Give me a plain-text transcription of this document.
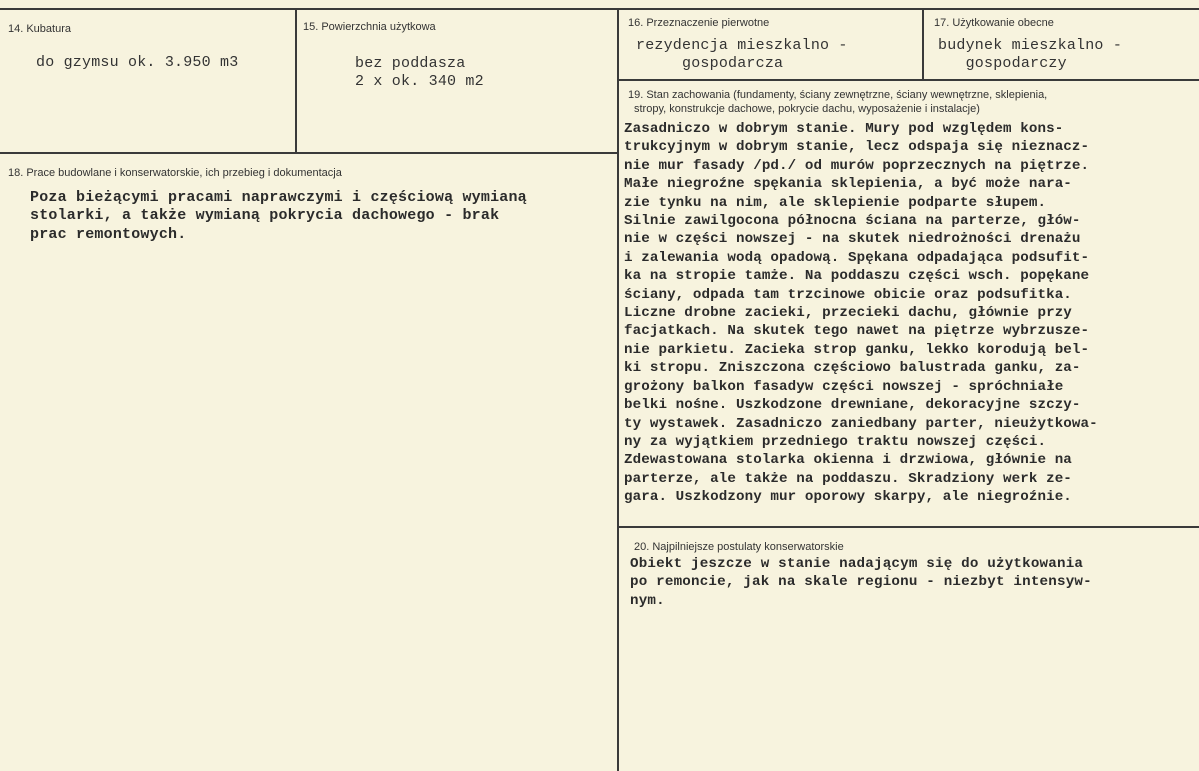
14. Kubatura
do gzymsu ok. 3.950 m3
15. Powierzchnia użytkowa
bez poddasza
2 x ok. 340 m2
16. Przeznaczenie pierwotne
rezydencja mieszkalno -
gospodarcza
17. Użytkowanie obecne
budynek mieszkalno -
gospodarczy
18. Prace budowlane i konserwatorskie, ich przebieg i dokumentacja
Poza bieżącymi pracami naprawczymi i częściową wymianą
stolarki, a także wymianą pokrycia dachowego - brak
prac remontowych.
19. Stan zachowania (fundamenty, ściany zewnętrzne, ściany wewnętrzne, sklepienia,
stropy, konstrukcje dachowe, pokrycie dachu, wyposażenie i instalacje)
Zasadniczo w dobrym stanie. Mury pod względem kons-
trukcyjnym w dobrym stanie, lecz odspaja się nieznacz-
nie mur fasady /pd./ od murów poprzecznych na piętrze.
Małe niegroźne spękania sklepienia, a być może nara-
zie tynku na nim, ale sklepienie podparte słupem.
Silnie zawilgocona północna ściana na parterze, głów-
nie w części nowszej - na skutek niedrożności drenażu
i zalewania wodą opadową. Spękana odpadająca podsufit-
ka na stropie tamże. Na poddaszu części wsch. popękane
ściany, odpada tam trzcinowe obicie oraz podsufitka.
Liczne drobne zacieki, przecieki dachu, głównie przy
facjatkach. Na skutek tego nawet na piętrze wybrzusze-
nie parkietu. Zacieka strop ganku, lekko korodują bel-
ki stropu. Zniszczona częściowo balustrada ganku, za-
grożony balkon fasadyw części nowszej - spróchniałe
belki nośne. Uszkodzone drewniane, dekoracyjne szczy-
ty wystawek. Zasadniczo zaniedbany parter, nieużytkowa-
ny za wyjątkiem przedniego traktu nowszej części.
Zdewastowana stolarka okienna i drzwiowa, głównie na
parterze, ale także na poddaszu. Skradziony werk ze-
gara. Uszkodzony mur oporowy skarpy, ale niegroźnie.
20. Najpilniejsze postulaty konserwatorskie
Obiekt jeszcze w stanie nadającym się do użytkowania
po remoncie, jak na skale regionu - niezbyt intensyw-
nym.
